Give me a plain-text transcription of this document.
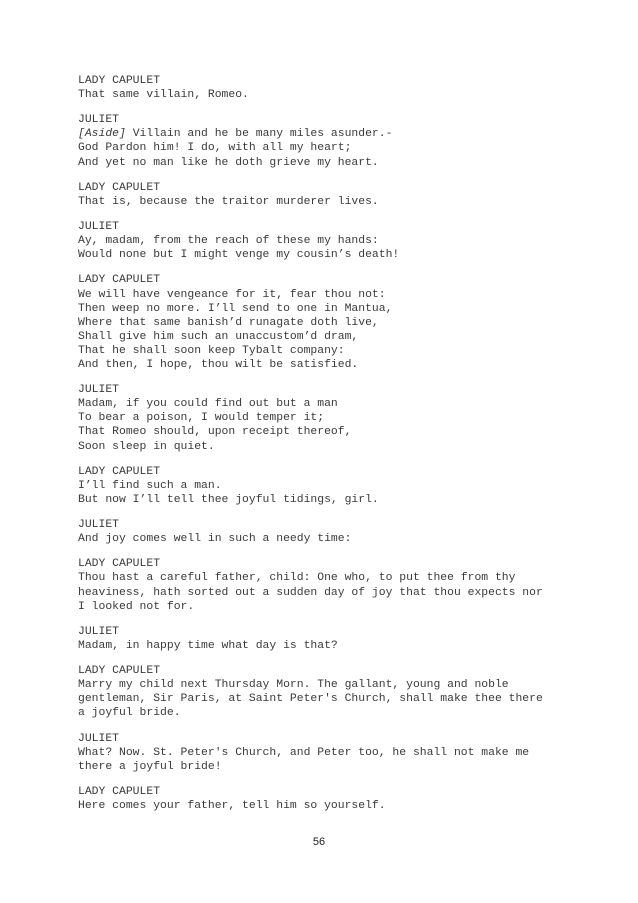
LADY CAPULET
That same villain, Romeo.
JULIET
[Aside] Villain and he be many miles asunder.-
God Pardon him! I do, with all my heart;
And yet no man like he doth grieve my heart.
LADY CAPULET
That is, because the traitor murderer lives.
JULIET
Ay, madam, from the reach of these my hands:
Would none but I might venge my cousin’s death!
LADY CAPULET
We will have vengeance for it, fear thou not:
Then weep no more. I’ll send to one in Mantua,
Where that same banish’d runagate doth live,
Shall give him such an unaccustom’d dram,
That he shall soon keep Tybalt company:
And then, I hope, thou wilt be satisfied.
JULIET
Madam, if you could find out but a man
To bear a poison, I would temper it;
That Romeo should, upon receipt thereof,
Soon sleep in quiet.
LADY CAPULET
I’ll find such a man.
But now I’ll tell thee joyful tidings, girl.
JULIET
And joy comes well in such a needy time:
LADY CAPULET
Thou hast a careful father, child: One who, to put thee from thy
heaviness, hath sorted out a sudden day of joy that thou expects nor
I looked not for.
JULIET
Madam, in happy time what day is that?
LADY CAPULET
Marry my child next Thursday Morn. The gallant, young and noble
gentleman, Sir Paris, at Saint Peter's Church, shall make thee there
a joyful bride.
JULIET
What? Now. St. Peter's Church, and Peter too, he shall not make me
there a joyful bride!
LADY CAPULET
Here comes your father, tell him so yourself.
56
